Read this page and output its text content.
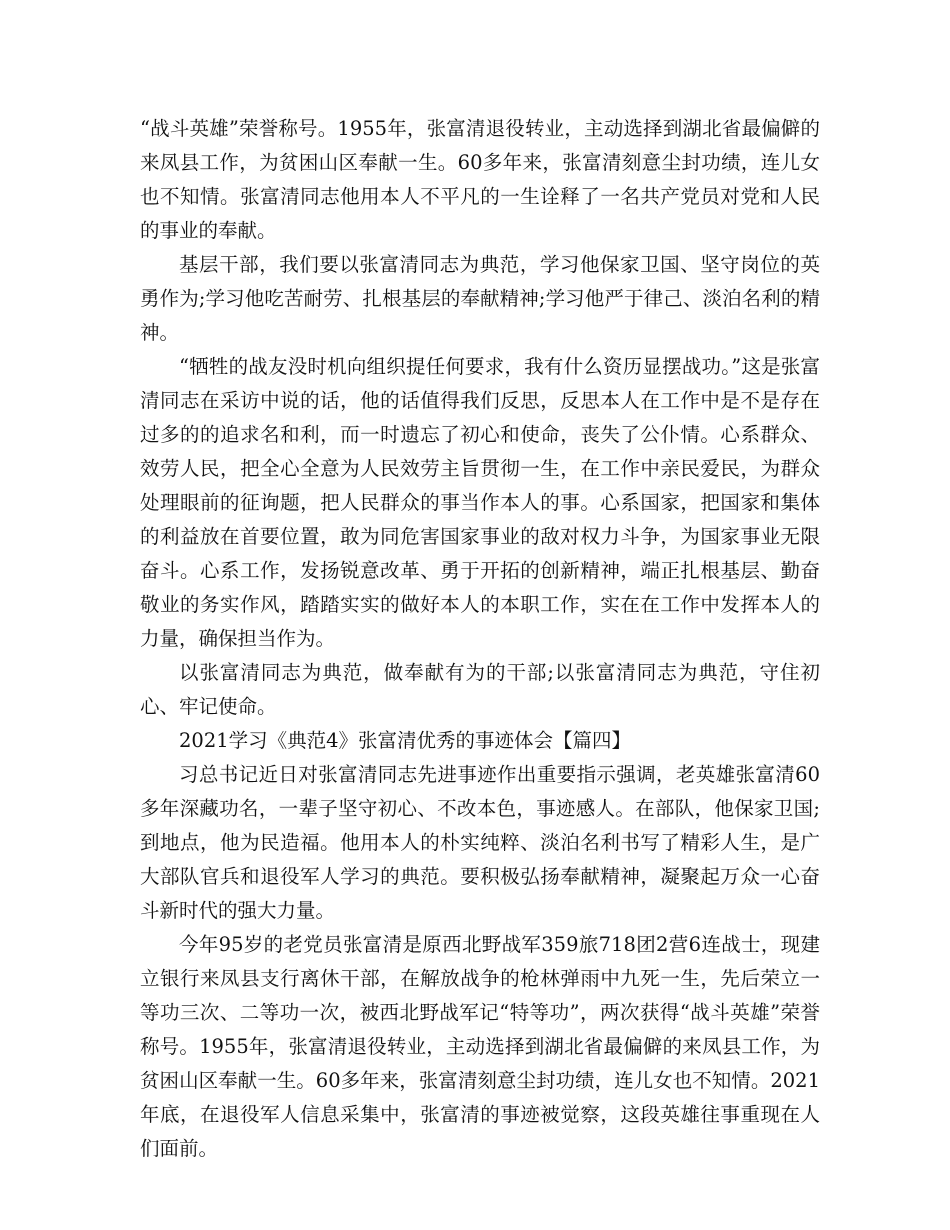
“战斗英雄”荣誉称号。1955年，张富清退役转业，主动选择到湖北省最偏僻的来凤县工作，为贫困山区奉献一生。60多年来，张富清刻意尘封功绩，连儿女也不知情。张富清同志他用本人不平凡的一生诠释了一名共产党员对党和人民的事业的奉献。

基层干部，我们要以张富清同志为典范，学习他保家卫国、坚守岗位的英勇作为;学习他吃苦耐劳、扎根基层的奉献精神;学习他严于律己、淡泊名利的精神。

“牺牲的战友没时机向组织提任何要求，我有什么资历显摆战功。”这是张富清同志在采访中说的话，他的话值得我们反思，反思本人在工作中是不是存在过多的的追求名和利，而一时遗忘了初心和使命，丧失了公仆情。心系群众、效劳人民，把全心全意为人民效劳主旨贯彻一生，在工作中亲民爱民，为群众处理眼前的征询题，把人民群众的事当作本人的事。心系国家，把国家和集体的利益放在首要位置，敢为同危害国家事业的敌对权力斗争，为国家事业无限奋斗。心系工作，发扬锐意改革、勇于开拓的创新精神，端正扎根基层、勤奋敬业的务实作风，踏踏实实的做好本人的本职工作，实在在工作中发挥本人的力量，确保担当作为。

以张富清同志为典范，做奉献有为的干部;以张富清同志为典范，守住初心、牢记使命。

2021学习《典范4》张富清优秀的事迹体会【篇四】

习总书记近日对张富清同志先进事迹作出重要指示强调，老英雄张富清60多年深藏功名，一辈子坚守初心、不改本色，事迹感人。在部队，他保家卫国;到地点，他为民造福。他用本人的朴实纯粹、淡泊名利书写了精彩人生，是广大部队官兵和退役军人学习的典范。要积极弘扬奉献精神，凝聚起万众一心奋斗新时代的强大力量。

今年95岁的老党员张富清是原西北野战军359旅718团2营6连战士，现建立银行来凤县支行离休干部，在解放战争的枪林弹雨中九死一生，先后荣立一等功三次、二等功一次，被西北野战军记“特等功”，两次获得“战斗英雄”荣誉称号。1955年，张富清退役转业，主动选择到湖北省最偏僻的来凤县工作，为贫困山区奉献一生。60多年来，张富清刻意尘封功绩，连儿女也不知情。2021年底，在退役军人信息采集中，张富清的事迹被觉察，这段英雄往事重现在人们面前。
